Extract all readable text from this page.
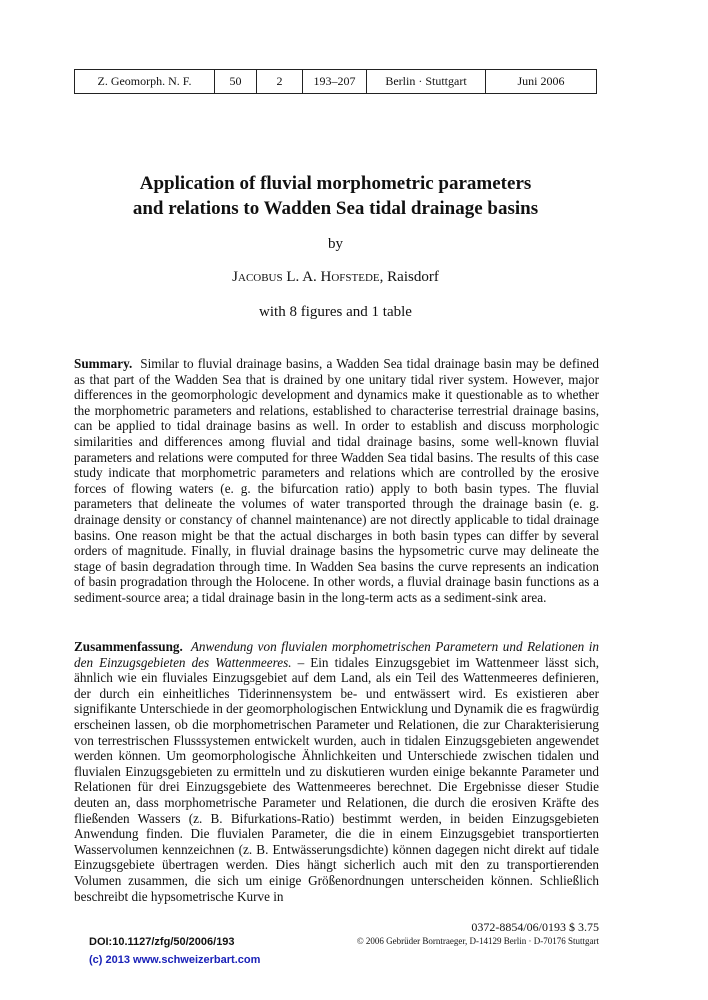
Z. Geomorph. N. F.	50	2	193–207	Berlin · Stuttgart	Juni 2006
Application of fluvial morphometric parameters
and relations to Wadden Sea tidal drainage basins
by
Jacobus L. A. Hofstede, Raisdorf
with 8 figures and 1 table

Summary. Similar to fluvial drainage basins, a Wadden Sea tidal drainage basin may be defined as that part of the Wadden Sea that is drained by one unitary tidal river system. However, major differences in the geomorphologic development and dynamics make it questionable as to whether the morphometric parameters and relations, established to characterise terrestrial drainage basins, can be applied to tidal drainage basins as well. In order to establish and discuss morphologic similarities and differences among fluvial and tidal drainage basins, some well-known fluvial parameters and relations were computed for three Wadden Sea tidal basins. The results of this case study indicate that morphometric parameters and relations which are controlled by the erosive forces of flowing waters (e. g. the bifurcation ratio) apply to both basin types. The fluvial parameters that delineate the volumes of water transported through the drainage basin (e. g. drainage density or constancy of channel maintenance) are not directly applicable to tidal drainage basins. One reason might be that the actual discharges in both basin types can differ by several orders of magnitude. Finally, in fluvial drainage basins the hypsometric curve may delineate the stage of basin degradation through time. In Wadden Sea basins the curve represents an indication of basin progradation through the Holocene. In other words, a fluvial drainage basin functions as a sediment-source area; a tidal drainage basin in the long-term acts as a sediment-sink area.

Zusammenfassung. Anwendung von fluvialen morphometrischen Parametern und Relationen in den Einzugsgebieten des Wattenmeeres. – Ein tidales Einzugsgebiet im Wattenmeer lässt sich, ähnlich wie ein fluviales Einzugsgebiet auf dem Land, als ein Teil des Wattenmeeres definieren, der durch ein einheitliches Tiderinnensystem be- und entwässert wird. Es existieren aber signifikante Unterschiede in der geomorphologischen Entwicklung und Dynamik die es fragwürdig erscheinen lassen, ob die morphometrischen Parameter und Relationen, die zur Charakterisierung von terrestrischen Flusssystemen entwickelt wurden, auch in tidalen Einzugsgebieten angewendet werden können. Um geomorphologische Ähnlichkeiten und Unterschiede zwischen tidalen und fluvialen Einzugsgebieten zu ermitteln und zu diskutieren wurden einige bekannte Parameter und Relationen für drei Einzugsgebiete des Wattenmeeres berechnet. Die Ergebnisse dieser Studie deuten an, dass morphometrische Parameter und Relationen, die durch die erosiven Kräfte des fließenden Wassers (z. B. Bifurkations-Ratio) bestimmt werden, in beiden Einzugsgebieten Anwendung finden. Die fluvialen Parameter, die die in einem Einzugsgebiet transportierten Wasservolumen kennzeichnen (z. B. Entwässerungsdichte) können dagegen nicht direkt auf tidale Einzugsgebiete übertragen werden. Dies hängt sicherlich auch mit den zu transportierenden Volumen zusammen, die sich um einige Größenordnungen unterscheiden können. Schließlich beschreibt die hypsometrische Kurve in

0372-8854/06/0193 $ 3.75
© 2006 Gebrüder Borntraeger, D-14129 Berlin · D-70176 Stuttgart
DOI:10.1127/zfg/50/2006/193
(c) 2013 www.schweizerbart.com
